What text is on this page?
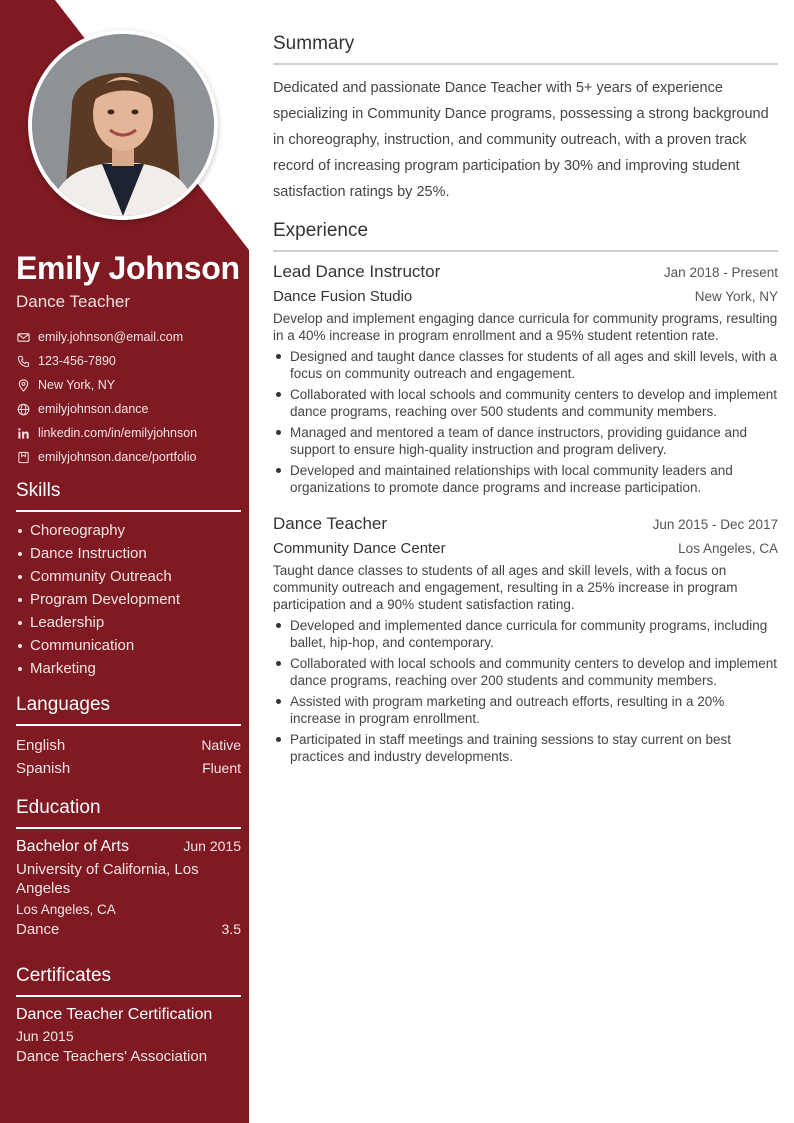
Emily Johnson
Dance Teacher
emily.johnson@email.com
123-456-7890
New York, NY
emilyjohnson.dance
linkedin.com/in/emilyjohnson
emilyjohnson.dance/portfolio
Skills
Choreography
Dance Instruction
Community Outreach
Program Development
Leadership
Communication
Marketing
Languages
English	Native
Spanish	Fluent
Education
Bachelor of Arts	Jun 2015
University of California, Los Angeles
Los Angeles, CA
Dance	3.5
Certificates
Dance Teacher Certification
Jun 2015
Dance Teachers' Association
Summary
Dedicated and passionate Dance Teacher with 5+ years of experience specializing in Community Dance programs, possessing a strong background in choreography, instruction, and community outreach, with a proven track record of increasing program participation by 30% and improving student satisfaction ratings by 25%.
Experience
Lead Dance Instructor	Jan 2018 - Present
Dance Fusion Studio	New York, NY
Develop and implement engaging dance curricula for community programs, resulting in a 40% increase in program enrollment and a 95% student retention rate.
Designed and taught dance classes for students of all ages and skill levels, with a focus on community outreach and engagement.
Collaborated with local schools and community centers to develop and implement dance programs, reaching over 500 students and community members.
Managed and mentored a team of dance instructors, providing guidance and support to ensure high-quality instruction and program delivery.
Developed and maintained relationships with local community leaders and organizations to promote dance programs and increase participation.
Dance Teacher	Jun 2015 - Dec 2017
Community Dance Center	Los Angeles, CA
Taught dance classes to students of all ages and skill levels, with a focus on community outreach and engagement, resulting in a 25% increase in program participation and a 90% student satisfaction rating.
Developed and implemented dance curricula for community programs, including ballet, hip-hop, and contemporary.
Collaborated with local schools and community centers to develop and implement dance programs, reaching over 200 students and community members.
Assisted with program marketing and outreach efforts, resulting in a 20% increase in program enrollment.
Participated in staff meetings and training sessions to stay current on best practices and industry developments.
